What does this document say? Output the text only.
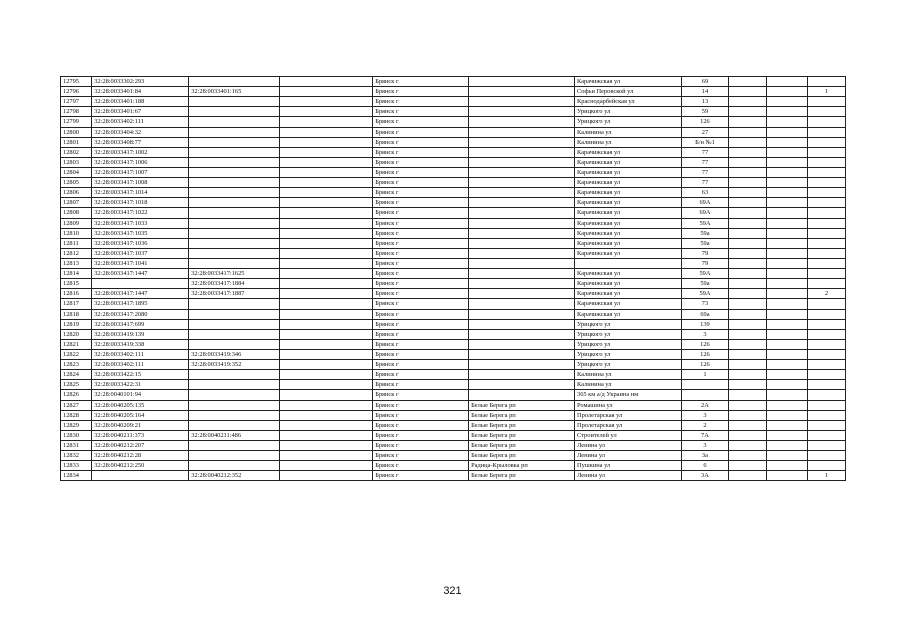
12795	32:28:0033302:293			Брянск г		Карачижская ул	69			
12796	32:28:0033401:84	32:28:0033401:165		Брянск г		Софьи Перовской ул	14			1
12797	32:28:0033401:188			Брянск г		Краснодарбейская ул	13			
12798	32:28:0033401:67			Брянск г		Урицкого ул	59			
12799	32:28:0033402:111			Брянск г		Урицкого ул	126			
12800	32:28:0033404:32			Брянск г		Калинина ул	27			
12801	32:28:0033408:77			Брянск г		Калинина ул	Б/н №1			
12802	32:28:0033417:1002			Брянск г		Карачижская ул	77			
12803	32:28:0033417:1006			Брянск г		Карачижская ул	77			
12804	32:28:0033417:1007			Брянск г		Карачижская ул	77			
12805	32:28:0033417:1008			Брянск г		Карачижская ул	77			
12806	32:28:0033417:1014			Брянск г		Карачижская ул	63			
12807	32:28:0033417:1018			Брянск г		Карачижская ул	69А			
12808	32:28:0033417:1022			Брянск г		Карачижская ул	69А			
12809	32:28:0033417:1033			Брянск г		Карачижская ул	59А			
12810	32:28:0033417:1035			Брянск г		Карачижская ул	59а			
12811	32:28:0033417:1036			Брянск г		Карачижская ул	59а			
12812	32:28:0033417:1037			Брянск г		Карачижская ул	79			
12813	32:28:0033417:1041			Брянск г			79			
12814	32:28:0033417:1447	32:28:0033417:1625		Брянск г		Карачижская ул	59А			
12815		32:28:0033417:1884		Брянск г		Карачижская ул	59а			
12816	32:28:0033417:1447	32:28:0033417:1887		Брянск г		Карачижская ул	59А			2
12817	32:28:0033417:1895			Брянск г		Карачижская ул	73			
12818	32:28:0033417:2080			Брянск г		Карачижская ул	69а			
12819	32:28:0033417:699			Брянск г		Урицкого ул	139			
12820	32:28:0033419:139			Брянск г		Урицкого ул	3			
12821	32:28:0033419:338			Брянск г		Урицкого ул	126			
12822	32:28:0033402:111	32:28:0033419:346		Брянск г		Урицкого ул	126			
12823	32:28:0033402:111	32:28:0033419:352		Брянск г		Урицкого ул	126			
12824	32:28:0033422:15			Брянск г		Калинина ул	1			
12825	32:28:0033422:31			Брянск г		Калинина ул				
12826	32:28:0040101:94			Брянск г		365 км а/д Украина нм				
12827	32:28:0040205:135			Брянск г	Белые Берега рп	Ромашина ул	2А			
12828	32:28:0040205:164			Брянск г	Белые Берега рп	Пролетарская ул	3			
12829	32:28:0040209:21			Брянск г	Белые Берега рп	Пролетарская ул	2			
12830	32:28:0040211:373	32:28:0040211:486		Брянск г	Белые Берега рп	Строителей ул	7А			
12831	32:28:0040212:207			Брянск г	Белые Берега рп	Ленина ул	3			
12832	32:28:0040212:28			Брянск г	Белые Берега рп	Ленина ул	3а			
12833	32:28:0040212:250			Брянск г	Радица-Крыловка рп	Пушкина ул	6			
12834		32:28:0040212:352		Брянск г	Белые Берега рп	Ленина ул	3А			1
321
